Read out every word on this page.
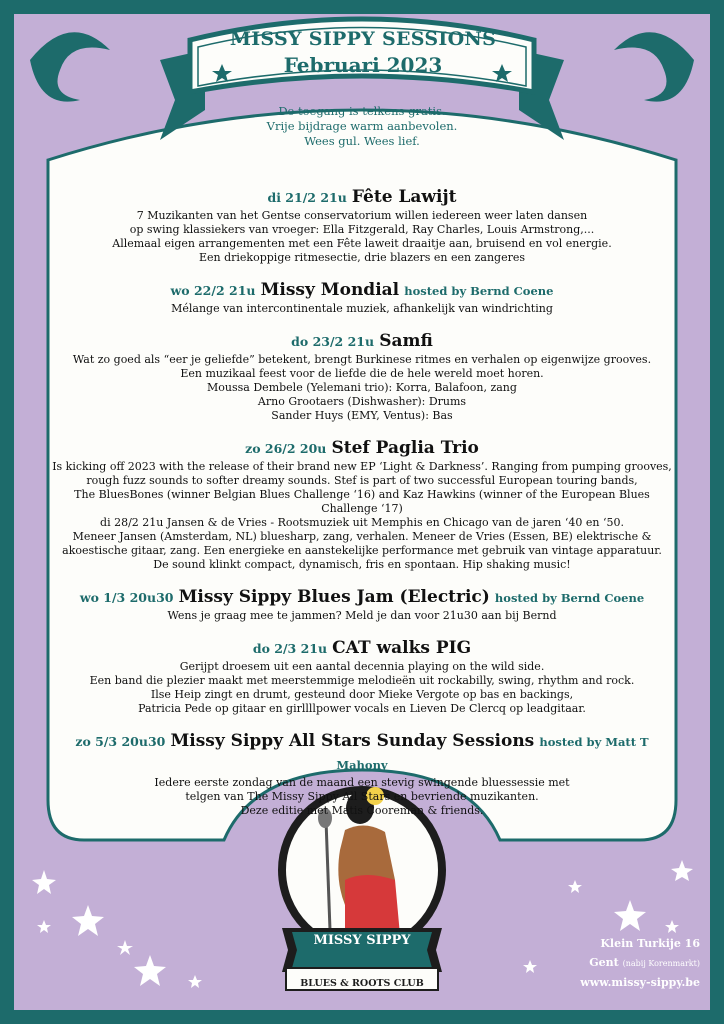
MISSY SIPPY SESSIONS
Februari 2023
De toegang is telkens gratis.
Vrije bijdrage warm aanbevolen.
Wees gul. Wees lief.
di 21/2 21u Fête Lawijt
7 Muzikanten van het Gentse conservatorium willen iedereen weer laten dansen
op swing klassiekers van vroeger: Ella Fitzgerald, Ray Charles, Louis Armstrong,...
Allemaal eigen arrangementen met een Fête laweit draaitje aan, bruisend en vol energie.
Een driekoppige ritmesectie, drie blazers en een zangeres
wo 22/2 21u Missy Mondial hosted by Bernd Coene
Mélange van intercontinentale muziek, afhankelijk van windrichting
do 23/2 21u Samfi
Wat zo goed als “eer je geliefde” betekent, brengt Burkinese ritmes en verhalen op eigenwijze grooves.
Een muzikaal feest voor de liefde die de hele wereld moet horen.
Moussa Dembele (Yelemani trio): Korra, Balafoon, zang
Arno Grootaers (Dishwasher): Drums
Sander Huys (EMY, Ventus): Bas
zo 26/2 20u Stef Paglia Trio
Is kicking off 2023 with the release of their brand new EP ‘Light & Darkness’. Ranging from pumping grooves,
rough fuzz sounds to softer dreamy sounds. Stef is part of two successful European touring bands,
The BluesBones (winner Belgian Blues Challenge ‘16) and Kaz Hawkins (winner of the European Blues Challenge ‘17)
di 28/2 21u Jansen & de Vries - Rootsmuziek uit Memphis en Chicago van de jaren ‘40 en ‘50.
Meneer Jansen (Amsterdam, NL) bluesharp, zang, verhalen. Meneer de Vries (Essen, BE) elektrische &
akoestische gitaar, zang. Een energieke en aanstekelijke performance met gebruik van vintage apparatuur.
De sound klinkt compact, dynamisch, fris en spontaan. Hip shaking music!
wo 1/3 20u30 Missy Sippy Blues Jam (Electric) hosted by Bernd Coene
Wens je graag mee te jammen? Meld je dan voor 21u30 aan bij Bernd
do 2/3 21u CAT walks PIG
Gerijpt droesem uit een aantal decennia playing on the wild side.
Een band die plezier maakt met meerstemmige melodieën uit rockabilly, swing, rhythm and rock.
Ilse Heip zingt en drumt, gesteund door Mieke Vergote op bas en backings,
Patricia Pede op gitaar en girllllpower vocals en Lieven De Clercq op leadgitaar.
zo 5/3 20u30 Missy Sippy All Stars Sunday Sessions hosted by Matt T Mahony
Iedere eerste zondag van de maand een stevig swingende bluessessie met
telgen van The Missy Sippy All Stars en bevriende muzikanten.
Deze editie met Matis Cooreman & friends.
MISSY SIPPY
BLUES & ROOTS CLUB
Klein Turkije 16
Gent (nabij Korenmarkt)
www.missy-sippy.be
